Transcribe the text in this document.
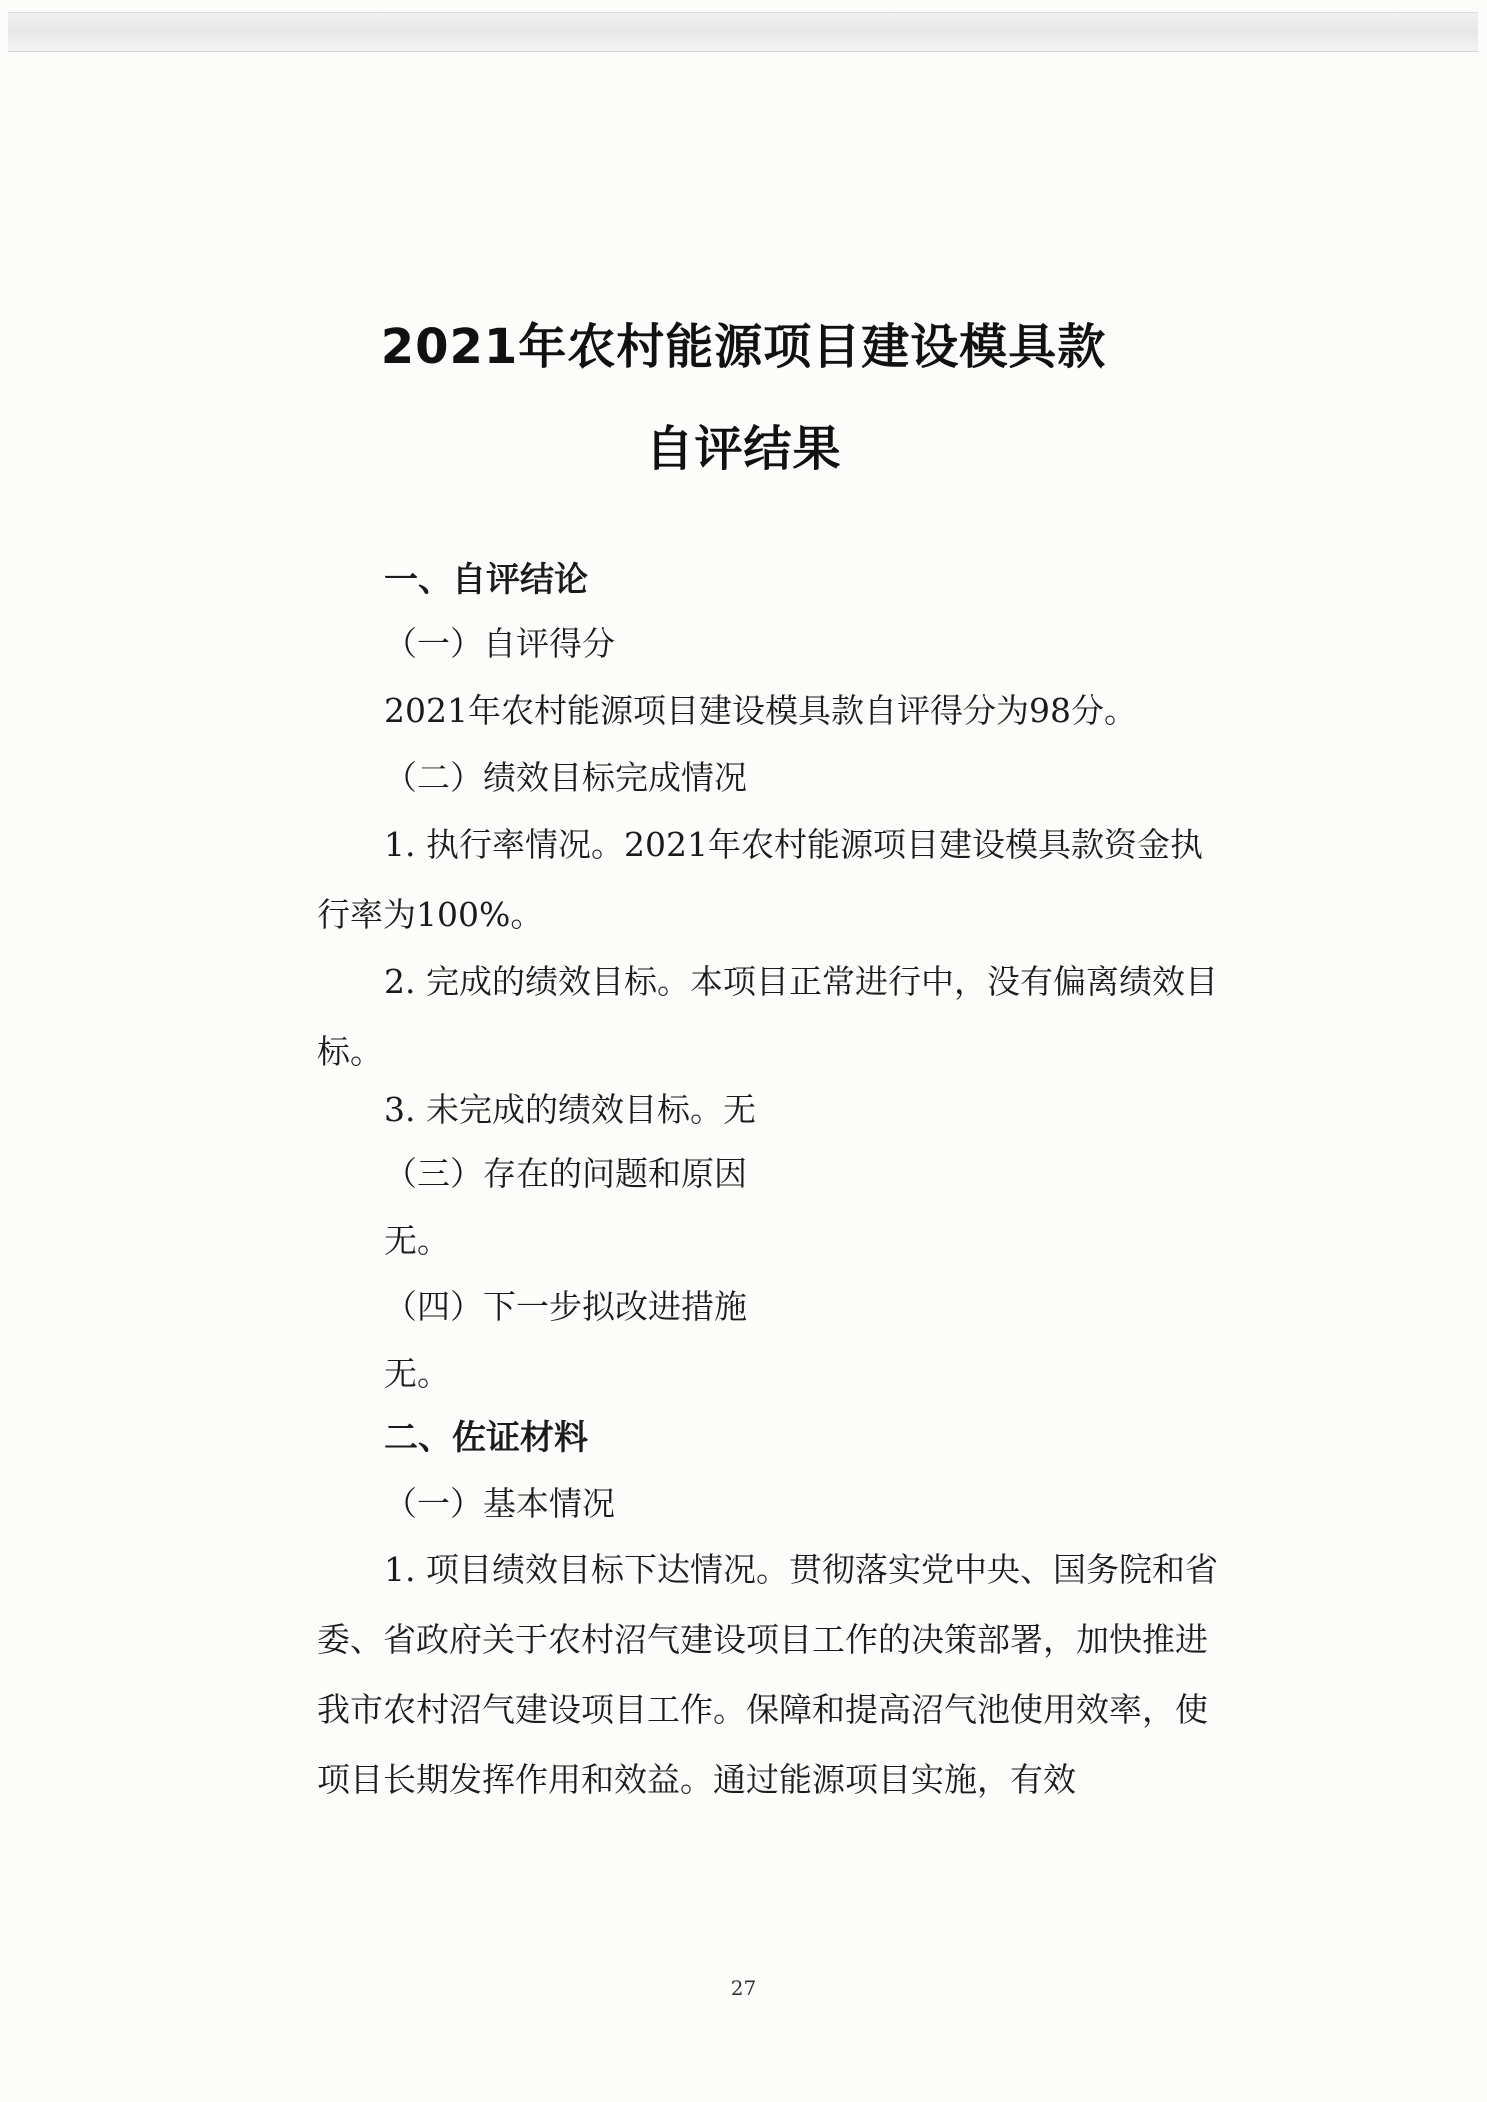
2021年农村能源项目建设模具款
自评结果
一、自评结论
（一）自评得分
2021年农村能源项目建设模具款自评得分为98分。
（二）绩效目标完成情况
1. 执行率情况。2021年农村能源项目建设模具款资金执行率为100%。
2. 完成的绩效目标。本项目正常进行中，没有偏离绩效目标。
3. 未完成的绩效目标。无
（三）存在的问题和原因
无。
（四）下一步拟改进措施
无。
二、佐证材料
（一）基本情况
1. 项目绩效目标下达情况。贯彻落实党中央、国务院和省委、省政府关于农村沼气建设项目工作的决策部署，加快推进我市农村沼气建设项目工作。保障和提高沼气池使用效率，使项目长期发挥作用和效益。通过能源项目实施，有效
27
